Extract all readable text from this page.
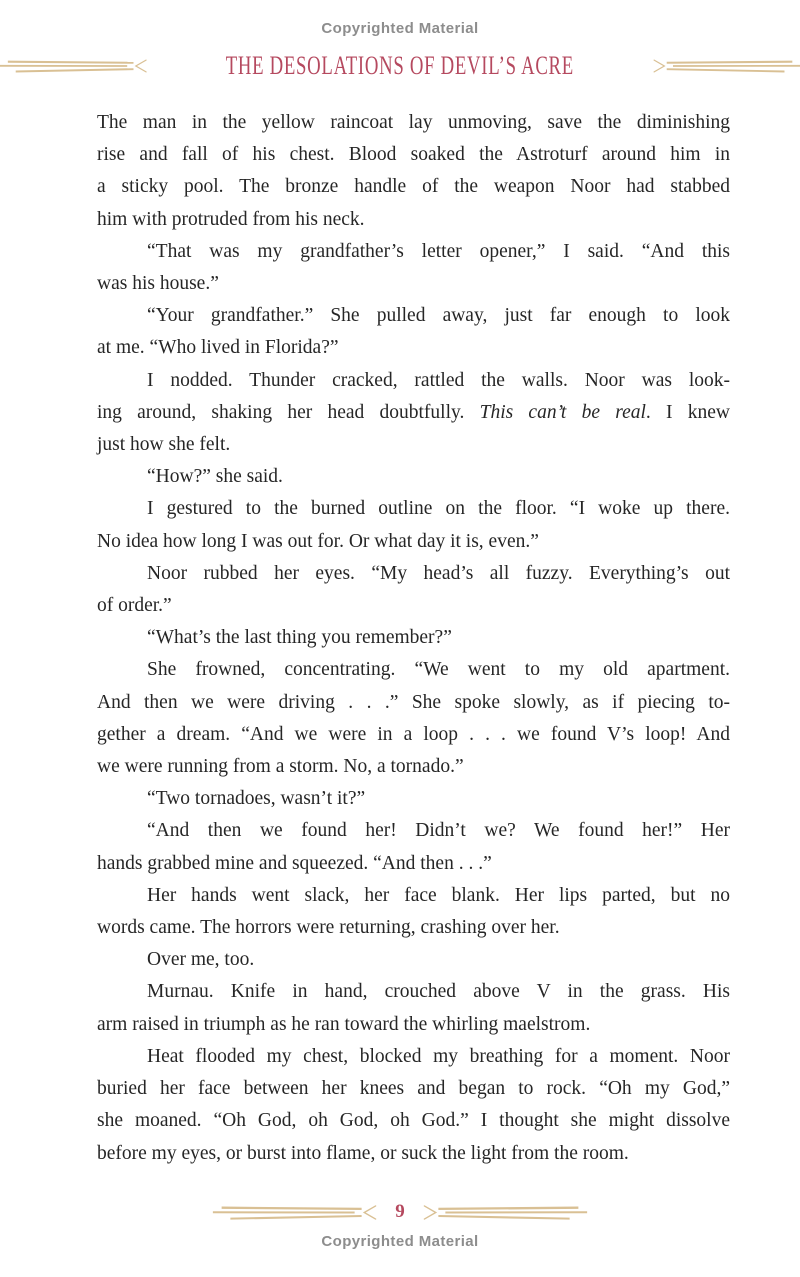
Copyrighted Material
THE DESOLATIONS OF DEVIL’S ACRE
The man in the yellow raincoat lay unmoving, save the diminishing
rise and fall of his chest. Blood soaked the Astroturf around him in
a sticky pool. The bronze handle of the weapon Noor had stabbed
him with protruded from his neck.
“That was my grandfather’s letter opener,” I said. “And this
was his house.”
“Your grandfather.” She pulled away, just far enough to look
at me. “Who lived in Florida?”
I nodded. Thunder cracked, rattled the walls. Noor was look-
ing around, shaking her head doubtfully. This can’t be real. I knew
just how she felt.
“How?” she said.
I gestured to the burned outline on the floor. “I woke up there.
No idea how long I was out for. Or what day it is, even.”
Noor rubbed her eyes. “My head’s all fuzzy. Everything’s out
of order.”
“What’s the last thing you remember?”
She frowned, concentrating. “We went to my old apartment.
And then we were driving . . .” She spoke slowly, as if piecing to-
gether a dream. “And we were in a loop . . . we found V’s loop! And
we were running from a storm. No, a tornado.”
“Two tornadoes, wasn’t it?”
“And then we found her! Didn’t we? We found her!” Her
hands grabbed mine and squeezed. “And then . . .”
Her hands went slack, her face blank. Her lips parted, but no
words came. The horrors were returning, crashing over her.
Over me, too.
Murnau. Knife in hand, crouched above V in the grass. His
arm raised in triumph as he ran toward the whirling maelstrom.
Heat flooded my chest, blocked my breathing for a moment. Noor
buried her face between her knees and began to rock. “Oh my God,”
she moaned. “Oh God, oh God, oh God.” I thought she might dissolve
before my eyes, or burst into flame, or suck the light from the room.
9
Copyrighted Material
